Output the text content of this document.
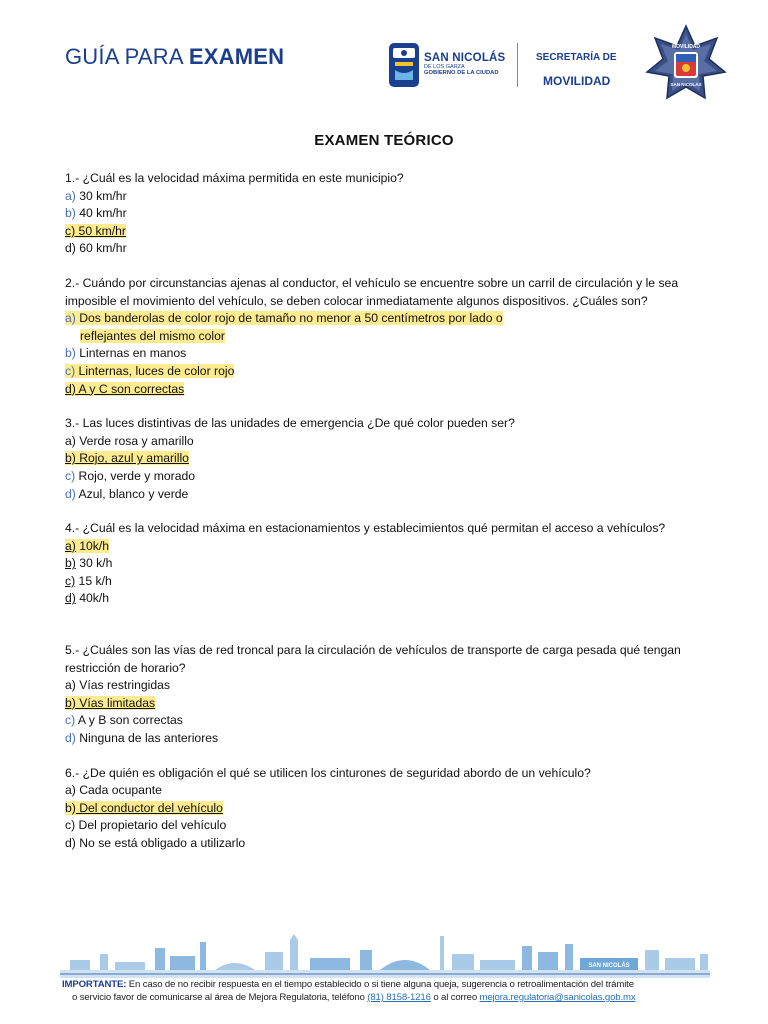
GUÍA PARA EXAMEN	SAN NICOLÁS
DE LOS GARZA
GOBIERNO DE LA CIUDAD
SECRETARÍA DE
MOVILIDAD
MOVILIDAD
SAN NICOLÁS
EXAMEN TEÓRICO

1.- ¿Cuál es la velocidad máxima permitida en este municipio?

a) 30 km/hr
b) 40 km/hr
c) 50 km/hr
d) 60 km/hr

2.- Cuándo por circunstancias ajenas al conductor, el vehículo se encuentre sobre un carril de circulación y le sea imposible el movimiento del vehículo, se deben colocar inmediatamente algunos dispositivos. ¿Cuáles son?

a) Dos banderolas de color rojo de tamaño no menor a 50 centímetros por lado o
reflejantes del mismo color
b) Linternas en manos
c) Linternas, luces de color rojo
d) A y C son correctas

3.- Las luces distintivas de las unidades de emergencia ¿De qué color pueden ser?

a) Verde rosa y amarillo
b) Rojo, azul y amarillo
c) Rojo, verde y morado
d) Azul, blanco y verde

4.- ¿Cuál es la velocidad máxima en estacionamientos y establecimientos qué permitan el acceso a vehículos?

a) 10k/h
b) 30 k/h
c) 15 k/h
d) 40k/h

5.- ¿Cuáles son las vías de red troncal para la circulación de vehículos de transporte de carga pesada qué tengan restricción de horario?

a) Vías restringidas
b) Vías limitadas
c) A y B son correctas
d) Ninguna de las anteriores

6.- ¿De quién es obligación el qué se utilicen los cinturones de seguridad abordo de un vehículo?

a) Cada ocupante
b) Del conductor del vehículo
c) Del propietario del vehículo
d) No se está obligado a utilizarlo
SAN NICOLÁS
IMPORTANTE: En caso de no recibir respuesta en el tiempo establecido o si tiene alguna queja, sugerencia o retroalimentación del trámite
o servicio favor de comunicarse al área de Mejora Regulatoria, teléfono (81) 8158-1216 o al correo mejora.regulatoria@sanicolas.gob.mx
